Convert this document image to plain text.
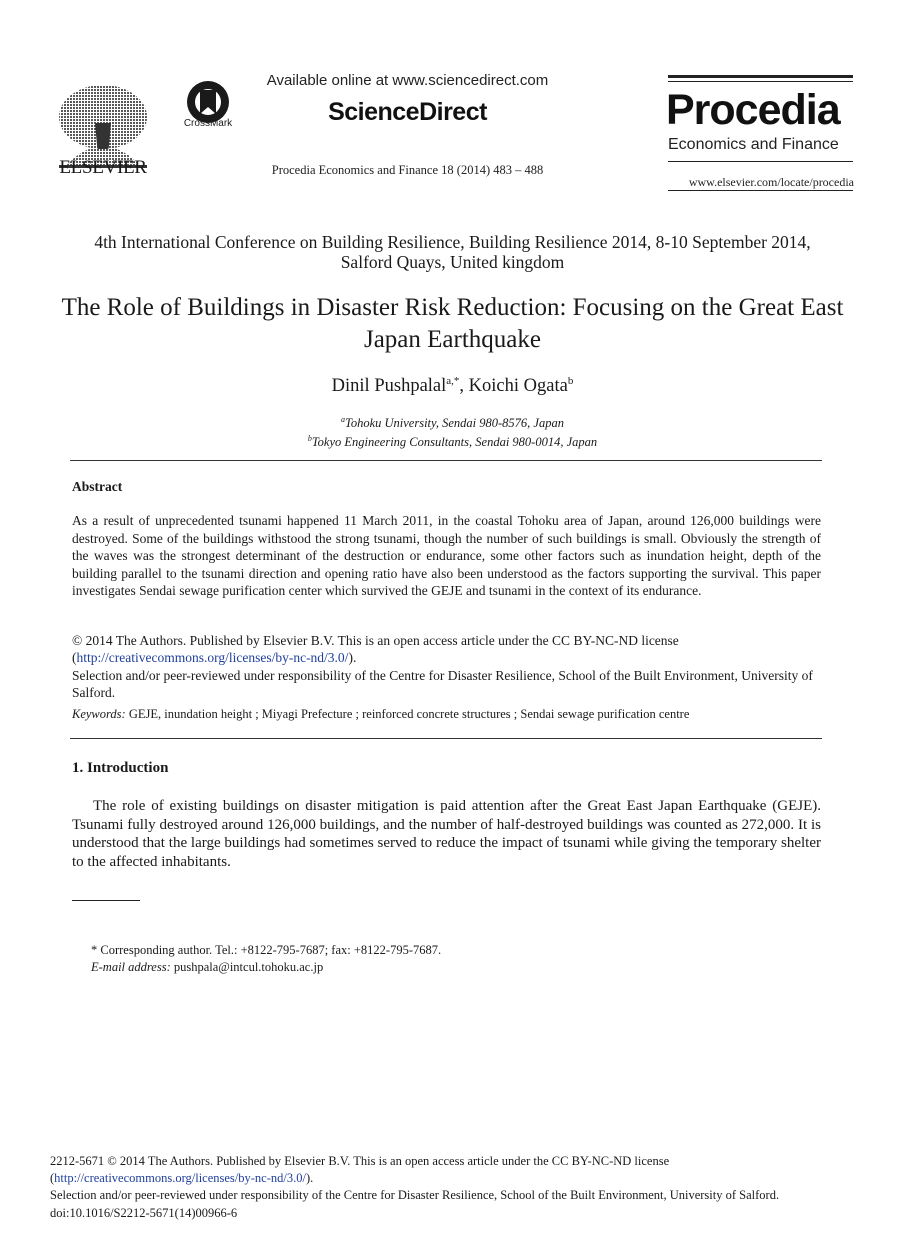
ELSEVIER
CrossMark
Available online at www.sciencedirect.com
ScienceDirect
Procedia Economics and Finance 18 (2014) 483 – 488
Procedia
Economics and Finance
www.elsevier.com/locate/procedia
4th International Conference on Building Resilience, Building Resilience 2014, 8-10 September 2014, Salford Quays, United kingdom
The Role of Buildings in Disaster Risk Reduction: Focusing on the Great East Japan Earthquake
Dinil Pushpalal$^{a,*}$, Koichi Ogata$^b$
$^a$Tohoku University, Sendai 980-8576, Japan
$^b$Tokyo Engineering Consultants, Sendai 980-0014, Japan
Abstract
As a result of unprecedented tsunami happened 11 March 2011, in the coastal Tohoku area of Japan, around 126,000 buildings were destroyed. Some of the buildings withstood the strong tsunami, though the number of such buildings is small. Obviously the strength of the waves was the strongest determinant of the destruction or endurance, some other factors such as inundation height, depth of the building parallel to the tsunami direction and opening ratio have also been understood as the factors supporting the survival. This paper investigates Sendai sewage purification center which survived the GEJE and tsunami in the context of its endurance.
© 2014 The Authors. Published by Elsevier B.V. This is an open access article under the CC BY-NC-ND license
(http://creativecommons.org/licenses/by-nc-nd/3.0/).
Selection and/or peer-reviewed under responsibility of the Centre for Disaster Resilience, School of the Built Environment, University of Salford.
Keywords: GEJE, inundation height ; Miyagi Prefecture ; reinforced concrete structures ; Sendai sewage purification centre
1. Introduction
The role of existing buildings on disaster mitigation is paid attention after the Great East Japan Earthquake (GEJE). Tsunami fully destroyed around 126,000 buildings, and the number of half-destroyed buildings was counted as 272,000. It is understood that the large buildings had sometimes served to reduce the impact of tsunami while giving the temporary shelter to the affected inhabitants.
* Corresponding author. Tel.: +8122-795-7687; fax: +8122-795-7687.
E-mail address: pushpala@intcul.tohoku.ac.jp
2212-5671 © 2014 The Authors. Published by Elsevier B.V. This is an open access article under the CC BY-NC-ND license
(http://creativecommons.org/licenses/by-nc-nd/3.0/).
Selection and/or peer-reviewed under responsibility of the Centre for Disaster Resilience, School of the Built Environment, University of Salford.
doi:10.1016/S2212-5671(14)00966-6
